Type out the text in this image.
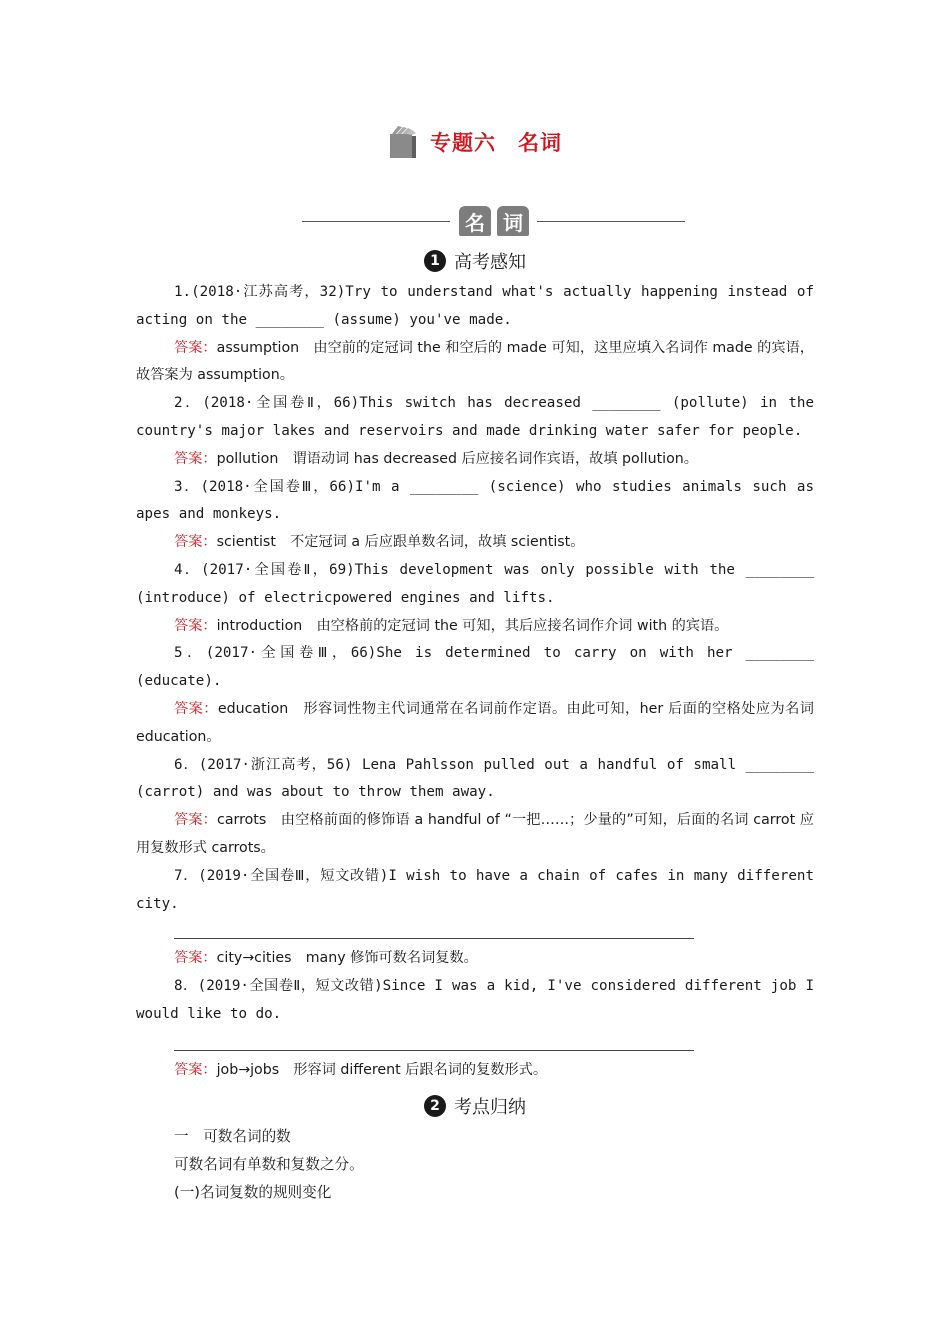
专题六 名词
名 词
1 高考感知

1.(2018·江苏高考，32)Try to understand what's actually happening instead of acting on the ________ (assume) you've made.

答案：assumption　由空前的定冠词 the 和空后的 made 可知，这里应填入名词作 made 的宾语，故答案为 assumption。

2．(2018·全国卷Ⅱ，66)This switch has decreased ________ (pollute) in the country's major lakes and reservoirs and made drinking water safer for people.

答案：pollution　谓语动词 has decreased 后应接名词作宾语，故填 pollution。

3．(2018·全国卷Ⅲ，66)I'm a ________ (science) who studies animals such as apes and monkeys.

答案：scientist　不定冠词 a 后应跟单数名词，故填 scientist。

4．(2017·全国卷Ⅱ，69)This development was only possible with the ________ (introduce) of electricpowered engines and lifts.

答案：introduction　由空格前的定冠词 the 可知，其后应接名词作介词 with 的宾语。

5．(2017·全国卷Ⅲ，66)She is determined to carry on with her ________ (educate).

答案：education　形容词性物主代词通常在名词前作定语。由此可知，her 后面的空格处应为名词 education。

6．(2017·浙江高考，56) Lena Pahlsson pulled out a handful of small ________ (carrot) and was about to throw them away.

答案：carrots　由空格前面的修饰语 a handful of “一把……；少量的”可知，后面的名词 carrot 应用复数形式 carrots。

7．(2019·全国卷Ⅲ，短文改错)I wish to have a chain of cafes in many different city.

答案：city→cities　many 修饰可数名词复数。

8．(2019·全国卷Ⅱ，短文改错)Since I was a kid, I've considered different job I would like to do.

答案：job→jobs　形容词 different 后跟名词的复数形式。

2 考点归纳

一　可数名词的数

可数名词有单数和复数之分。

(一)名词复数的规则变化
